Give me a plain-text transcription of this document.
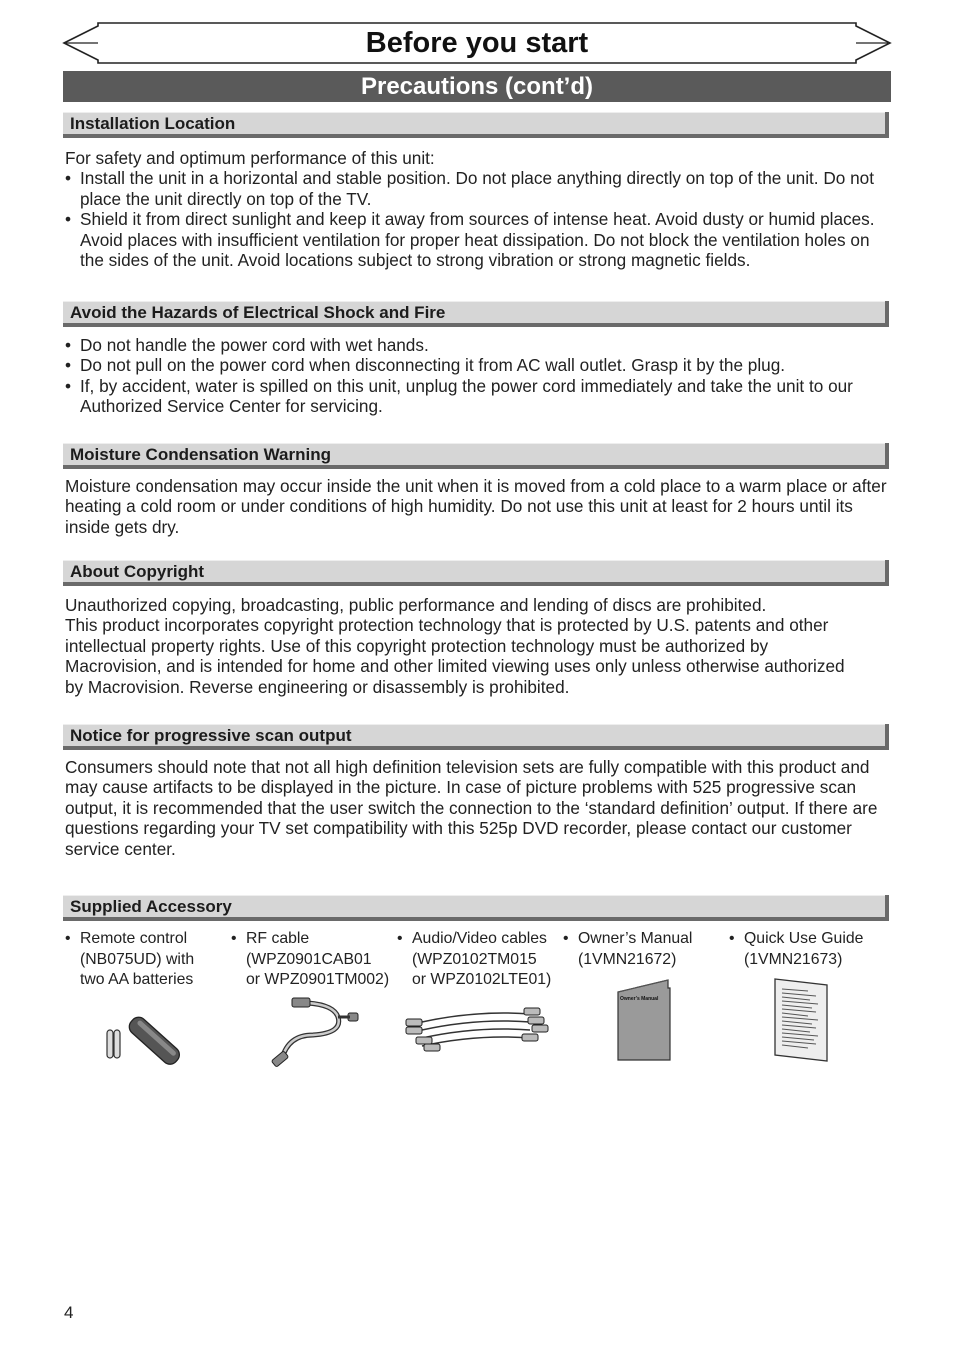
Before you start
Precautions (cont’d)
Installation Location

For safety and optimum performance of this unit:

• Install the unit in a horizontal and stable position. Do not place anything directly on top of the unit. Do not place the unit directly on top of the TV.
• Shield it from direct sunlight and keep it away from sources of intense heat. Avoid dusty or humid places. Avoid places with insufficient ventilation for proper heat dissipation. Do not block the ventilation holes on the sides of the unit. Avoid locations subject to strong vibration or strong magnetic fields.
Avoid the Hazards of Electrical Shock and Fire
• Do not handle the power cord with wet hands.
• Do not pull on the power cord when disconnecting it from AC wall outlet. Grasp it by the plug.
• If, by accident, water is spilled on this unit, unplug the power cord immediately and take the unit to our Authorized Service Center for servicing.
Moisture Condensation Warning

Moisture condensation may occur inside the unit when it is moved from a cold place to a warm place or after heating a cold room or under conditions of high humidity. Do not use this unit at least for 2 hours until its inside gets dry.

About Copyright

Unauthorized copying, broadcasting, public performance and lending of discs are prohibited.

This product incorporates copyright protection technology that is protected by U.S. patents and other intellectual property rights. Use of this copyright protection technology must be authorized by Macrovision, and is intended for home and other limited viewing uses only unless otherwise authorized by Macrovision. Reverse engineering or disassembly is prohibited.

Notice for progressive scan output

Consumers should note that not all high definition television sets are fully compatible with this product and may cause artifacts to be displayed in the picture. In case of picture problems with 525 progressive scan output, it is recommended that the user switch the connection to the ‘standard definition’ output. If there are questions regarding your TV set compatibility with this 525p DVD recorder, please contact our customer service center.

Supplied Accessory
• Remote control
(NB075UD) with
two AA batteries
• RF cable
(WPZ0901CAB01
or WPZ0901TM002)
• Audio/Video cables
(WPZ0102TM015
or WPZ0102LTE01)
• Owner’s Manual
(1VMN21672)
• Quick Use Guide
(1VMN21673)
Owner’s Manual
4
